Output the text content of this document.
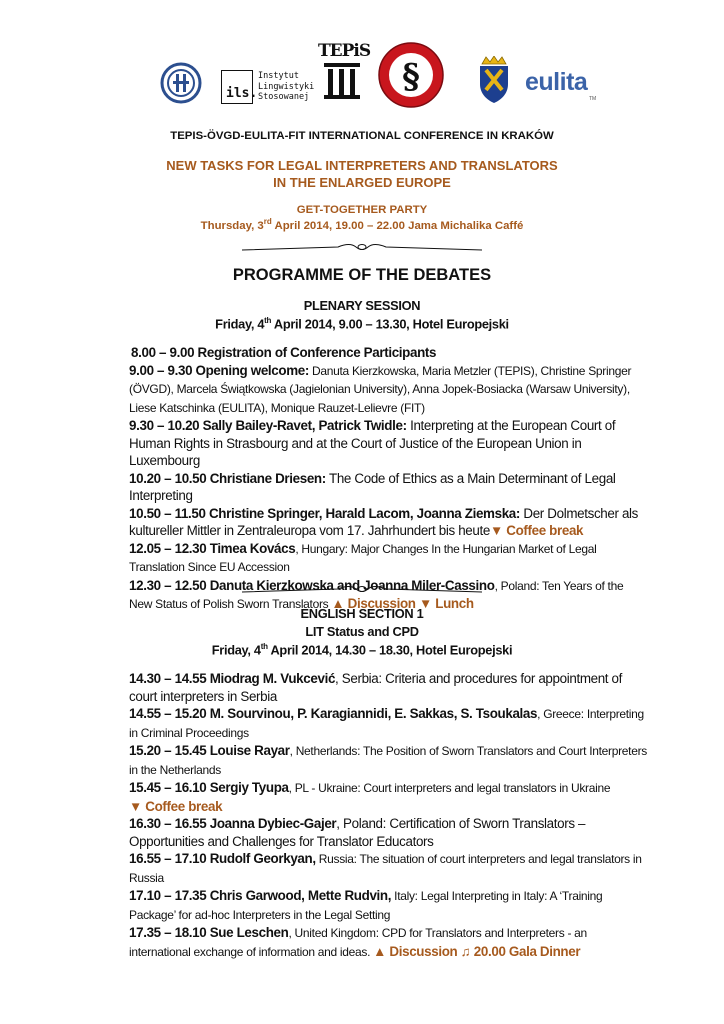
ils.
Instytut
Lingwistyki
Stosowanej
TEPiS
§	eulita
TM
TEPIS-ÖVGD-EULITA-FIT INTERNATIONAL CONFERENCE IN KRAKÓW
NEW TASKS FOR LEGAL INTERPRETERS AND TRANSLATORS
IN THE ENLARGED EUROPE
GET-TOGETHER PARTY
Thursday, 3rd April 2014, 19.00 – 22.00 Jama Michalika Caffé
PROGRAMME OF THE DEBATES
PLENARY SESSION
Friday, 4th April 2014, 9.00 – 13.30, Hotel Europejski

8.00 – 9.00 Registration of Conference Participants

9.00 – 9.30 Opening welcome: Danuta Kierzkowska, Maria Metzler (TEPIS), Christine Springer (ÖVGD), Marcela Świątkowska (Jagielonian University), Anna Jopek-Bosiacka (Warsaw University), Liese Katschinka (EULITA), Monique Rauzet-Lelievre (FIT)

9.30 – 10.20 Sally Bailey-Ravet, Patrick Twidle: Interpreting at the European Court of Human Rights in Strasbourg and at the Court of Justice of the European Union in Luxembourg

10.20 – 10.50 Christiane Driesen: The Code of Ethics as a Main Determinant of Legal Interpreting

10.50 – 11.50 Christine Springer, Harald Lacom, Joanna Ziemska: Der Dolmetscher als kultureller Mittler in Zentraleuropa vom 17. Jahrhundert bis heute▼ Coffee break

12.05 – 12.30 Timea Kovács, Hungary: Major Changes In the Hungarian Market of Legal Translation Since EU Accession

12.30 – 12.50 Danuta Kierzkowska and Joanna Miler-Cassino, Poland: Ten Years of the New Status of Polish Sworn Translators ▲ Discussion ▼ Lunch

ENGLISH SECTION 1
LIT Status and CPD
Friday, 4th April 2014, 14.30 – 18.30, Hotel Europejski

14.30 – 14.55 Miodrag M. Vukcević, Serbia: Criteria and procedures for appointment of court interpreters in Serbia

14.55 – 15.20 M. Sourvinou, P. Karagiannidi, E. Sakkas, S. Tsoukalas, Greece: Interpreting in Criminal Proceedings

15.20 – 15.45 Louise Rayar, Netherlands: The Position of Sworn Translators and Court Interpreters in the Netherlands

15.45 – 16.10 Sergiy Tyupa, PL - Ukraine: Court interpreters and legal translators in Ukraine

▼ Coffee break

16.30 – 16.55 Joanna Dybiec-Gajer, Poland: Certification of Sworn Translators – Opportunities and Challenges for Translator Educators

16.55 – 17.10 Rudolf Georkyan, Russia: The situation of court interpreters and legal translators in Russia

17.10 – 17.35 Chris Garwood, Mette Rudvin, Italy: Legal Interpreting in Italy: A ‘Training Package’ for ad-hoc Interpreters in the Legal Setting

17.35 – 18.10 Sue Leschen, United Kingdom: CPD for Translators and Interpreters - an international exchange of information and ideas. ▲ Discussion ♫ 20.00 Gala Dinner
